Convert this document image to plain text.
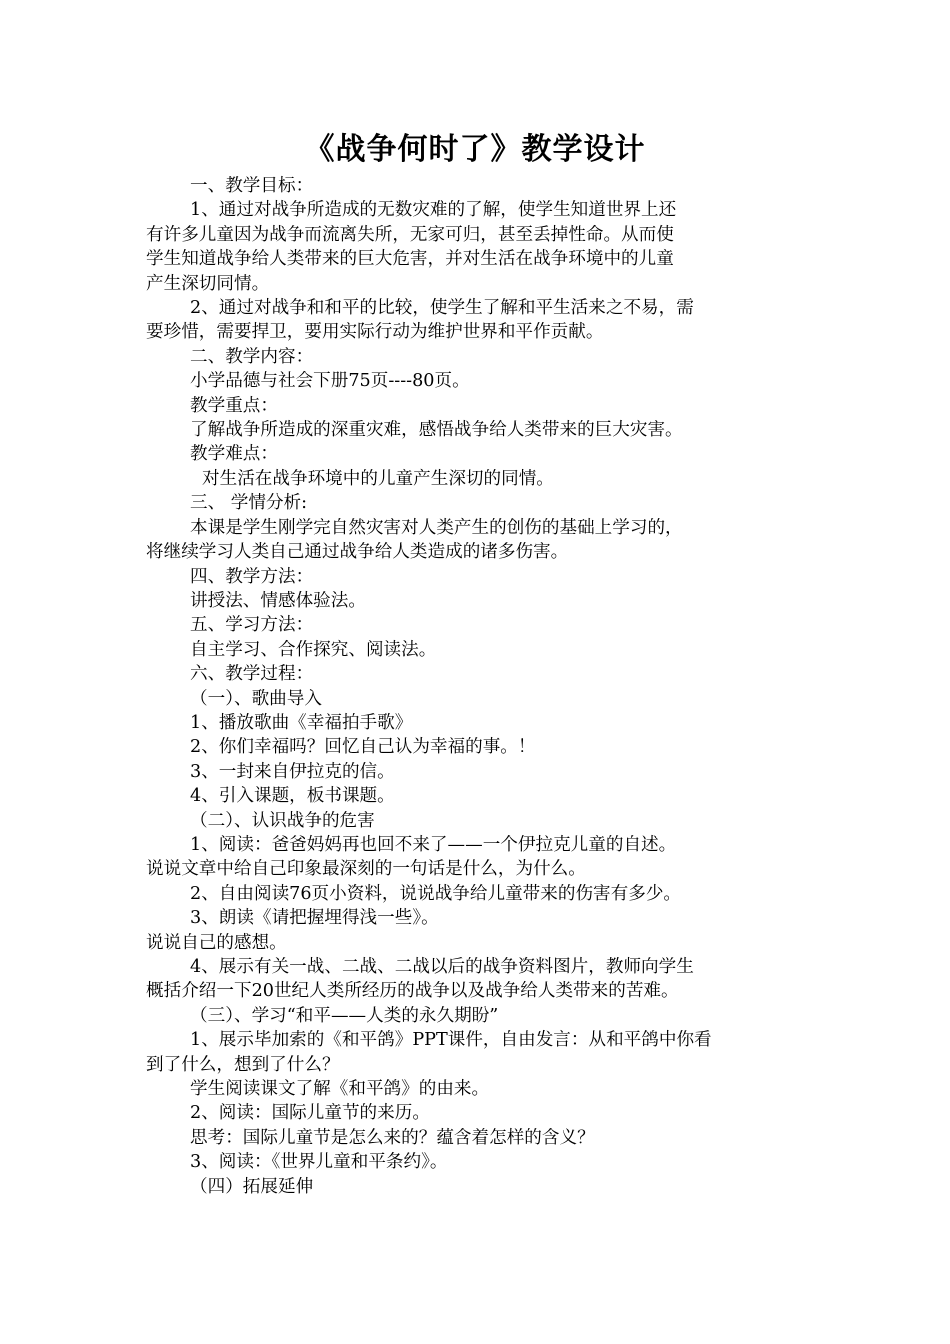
《战争何时了》教学设计

一、教学目标：

1、通过对战争所造成的无数灾难的了解，使学生知道世界上还

有许多儿童因为战争而流离失所，无家可归，甚至丢掉性命。从而使

学生知道战争给人类带来的巨大危害，并对生活在战争环境中的儿童

产生深切同情。

2、通过对战争和和平的比较，使学生了解和平生活来之不易，需

要珍惜，需要捍卫，要用实际行动为维护世界和平作贡献。

二、教学内容：

小学品德与社会下册75页----80页。

教学重点：

了解战争所造成的深重灾难，感悟战争给人类带来的巨大灾害。

教学难点：

对生活在战争环境中的儿童产生深切的同情。

三、 学情分析:

本课是学生刚学完自然灾害对人类产生的创伤的基础上学习的，

将继续学习人类自己通过战争给人类造成的诸多伤害。

四、教学方法：

讲授法、情感体验法。

五、学习方法：

自主学习、合作探究、阅读法。

六、教学过程：

（一）、歌曲导入

1、播放歌曲《幸福拍手歌》

2、你们幸福吗？回忆自己认为幸福的事。！

3、一封来自伊拉克的信。

4、引入课题，板书课题。

（二）、认识战争的危害

1、阅读：爸爸妈妈再也回不来了——一个伊拉克儿童的自述。

说说文章中给自己印象最深刻的一句话是什么，为什么。

2、自由阅读76页小资料，说说战争给儿童带来的伤害有多少。

3、朗读《请把握埋得浅一些》。

说说自己的感想。

4、展示有关一战、二战、二战以后的战争资料图片，教师向学生

概括介绍一下20世纪人类所经历的战争以及战争给人类带来的苦难。

（三）、学习“和平——人类的永久期盼”

1、展示毕加索的《和平鸽》PPT课件，自由发言：从和平鸽中你看

到了什么，想到了什么？

学生阅读课文了解《和平鸽》的由来。

2、阅读：国际儿童节的来历。

思考：国际儿童节是怎么来的？蕴含着怎样的含义？

3、阅读：《世界儿童和平条约》。

（四）拓展延伸
